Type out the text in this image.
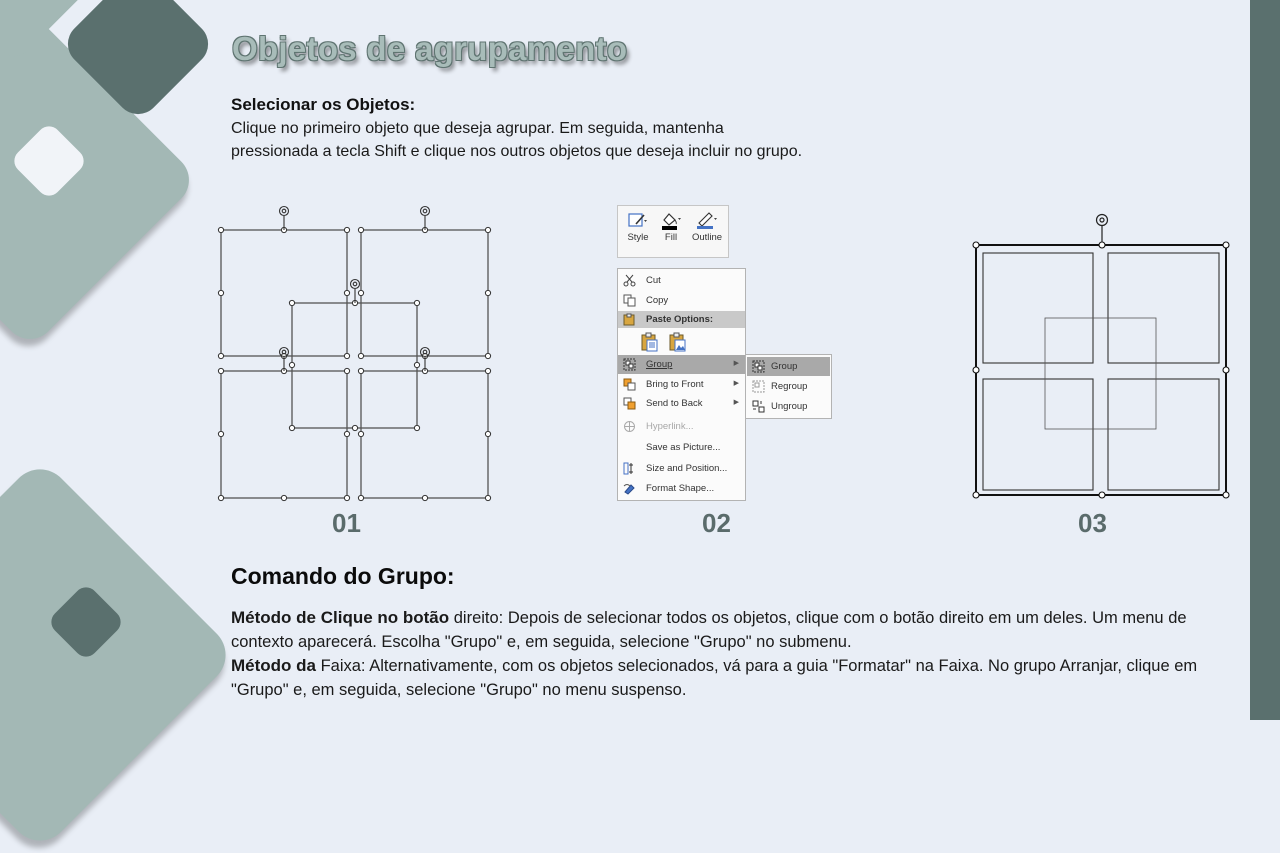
Objetos de agrupamento
Selecionar os Objetos:
Clique no primeiro objeto que deseja agrupar. Em seguida, mantenha
pressionada a tecla Shift e clique nos outros objetos que deseja incluir no grupo.
01
Style	Fill	Outline
Cut
Copy
Paste Options:
Group	▶
Bring to Front	▶
Send to Back	▶
Hyperlink...
Save as Picture...
Size and Position...
Format Shape...
Group
Regroup
Ungroup
02	03
Comando do Grupo:
Método de Clique no botão direito: Depois de selecionar todos os objetos, clique com o botão direito em um deles. Um menu de contexto aparecerá. Escolha "Grupo" e, em seguida, selecione "Grupo" no submenu.
Método da Faixa: Alternativamente, com os objetos selecionados, vá para a guia "Formatar" na Faixa. No grupo Arranjar, clique em "Grupo" e, em seguida, selecione "Grupo" no menu suspenso.
